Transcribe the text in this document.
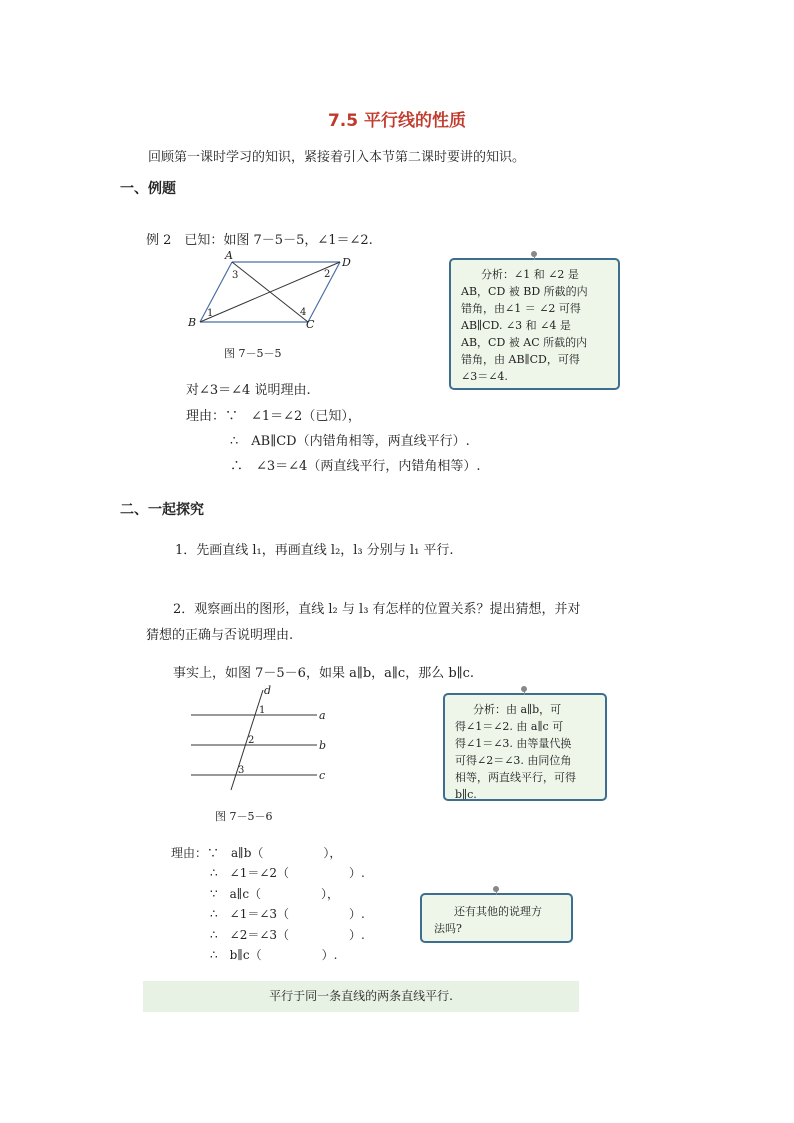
7.5 平行线的性质
回顾第一课时学习的知识，紧接着引入本节第二课时要讲的知识。
一、例题
例 2　已知：如图 7－5－5，∠1＝∠2.
A
B	C
D
1
2
3
4
图 7－5－5
分析：∠1 和 ∠2 是
AB，CD 被 BD 所截的内
错角，由∠1 ＝ ∠2 可得
AB∥CD. ∠3 和 ∠4 是
AB，CD 被 AC 所截的内
错角，由 AB∥CD，可得
∠3＝∠4.
对∠3＝∠4 说明理由.
理由：∵　∠1＝∠2（已知），
∴　AB∥CD（内错角相等，两直线平行）.
∴　∠3＝∠4（两直线平行，内错角相等）.
二、一起探究
1．先画直线 l₁，再画直线 l₂，l₃ 分别与 l₁ 平行.
2．观察画出的图形，直线 l₂ 与 l₃ 有怎样的位置关系？提出猜想，并对
猜想的正确与否说明理由.
事实上，如图 7－5－6，如果 a∥b，a∥c，那么 b∥c.
d
a
b
c
1
2
3
图 7－5－6
分析：由 a∥b，可
得∠1＝∠2. 由 a∥c 可
得∠1＝∠3. 由等量代换
可得∠2＝∠3. 由同位角
相等，两直线平行，可得
b∥c.
理由：∵　a∥b（　　　　　），
∴　∠1＝∠2（　　　　　）.
∵　a∥c（　　　　　），
∴　∠1＝∠3（　　　　　）.
∴　∠2＝∠3（　　　　　）.
∴　b∥c（　　　　　）.
还有其他的说理方
法吗?
平行于同一条直线的两条直线平行.
